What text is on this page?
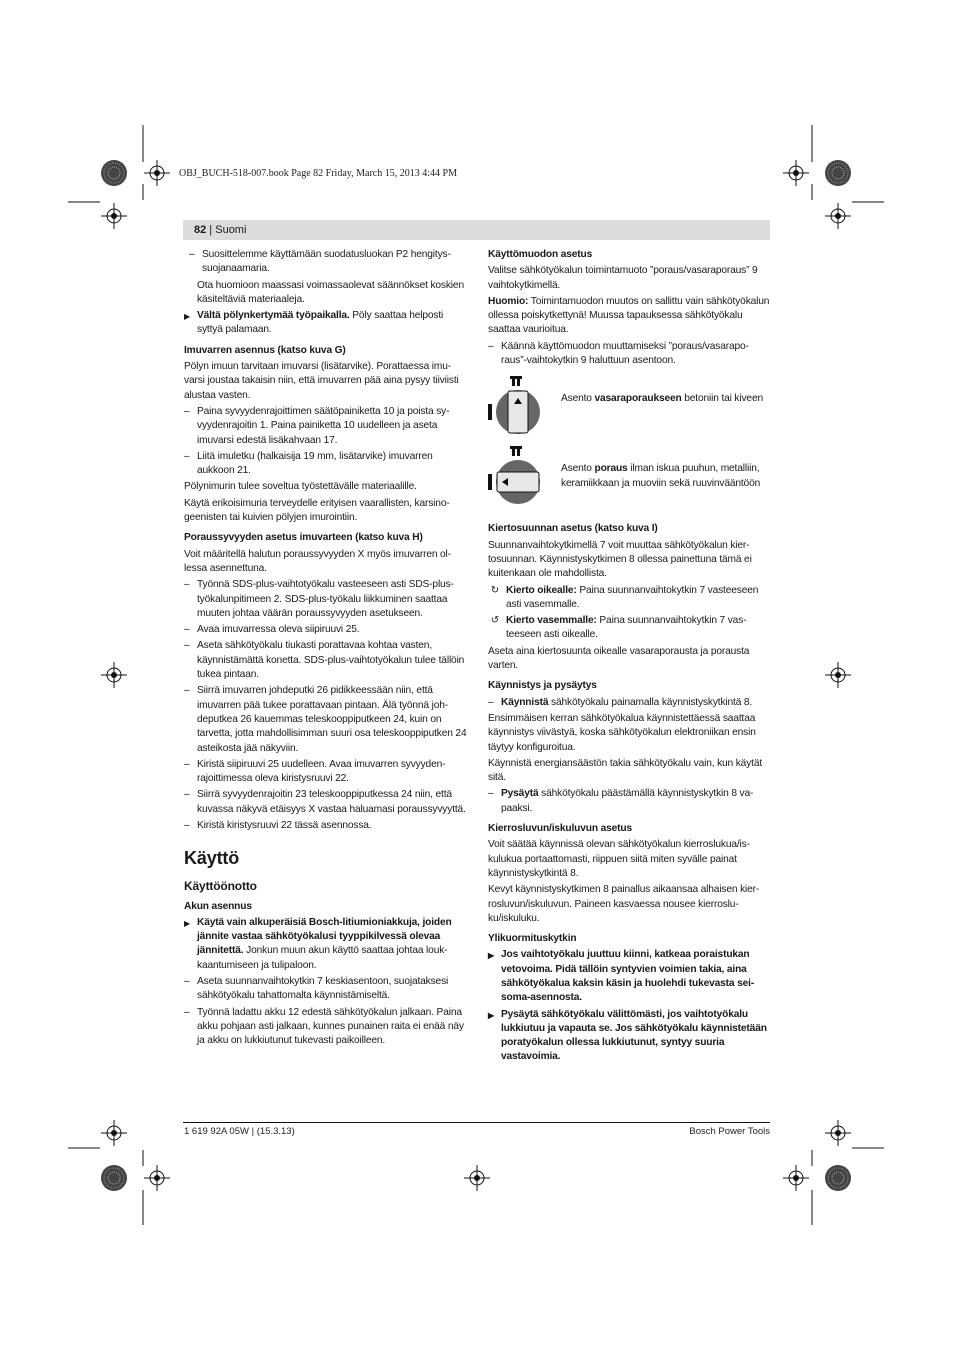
OBJ_BUCH-518-007.book Page 82 Friday, March 15, 2013 4:44 PM
82 | Suomi

– Suosittelemme käyttämään suodatusluokan P2 hengityssuojanaamaria.

Ota huomioon maassasi voimassaolevat säännökset koskien käsiteltäviä materiaaleja.

▶ Vältä pölynkertymää työpaikalla. Pöly saattaa helposti syttyä palamaan.

Imuvarren asennus (katso kuva G)

Pölyn imuun tarvitaan imuvarsi (lisätarvike). Porattaessa imuvarsi joustaa takaisin niin, että imuvarren pää aina pysyy tiiviisti alustaa vasten.

– Paina syvyydenrajoittimen säätöpainiketta 10 ja poista syvyydenrajoitin 1. Paina painiketta 10 uudelleen ja aseta imuvarsi edestä lisäkahvaan 17.

– Liitä imuletku (halkaisija 19 mm, lisätarvike) imuvarren aukkoon 21.

Pölynimurin tulee soveltua työstettävälle materiaalille.

Käytä erikoisimuria terveydelle erityisen vaarallisten, karsinogeenisten tai kuivien pölyjen imurointiin.

Poraussyvyyden asetus imuvarteen (katso kuva H)

Voit määritellä halutun poraussyvyyden X myös imuvarren ollessa asennettuna.

– Työnnä SDS-plus-vaihtotyökalu vasteeseen asti SDS-plus-työkalunpitimeen 2. SDS-plus-työkalu liikkuminen saattaa muuten johtaa väärän poraussyvyyden asetukseen.

– Avaa imuvarressa oleva siipiruuvi 25.

– Aseta sähkötyökalu tiukasti porattavaa kohtaa vasten, käynnistämättä konetta. SDS-plus-vaihtotyökalun tulee tällöin tukea pintaan.

– Siirrä imuvarren johdeputki 26 pidikkeessään niin, että imuvarren pää tukee porattavaan pintaan. Älä työnnä johdeputkea 26 kauemmas teleskooppiputkeen 24, kuin on tarvetta, jotta mahdollisimman suuri osa teleskooppiputken 24 asteikosta jää näkyviin.

– Kiristä siipiruuvi 25 uudelleen. Avaa imuvarren syvyydenrajoittimessa oleva kiristysruuvi 22.

– Siirrä syvyydenrajoitin 23 teleskooppiputkessa 24 niin, että kuvassa näkyvä etäisyys X vastaa haluamasi poraussyvyyttä.

– Kiristä kiristysruuvi 22 tässä asennossa.

Käyttö
Käyttöönotto

Akun asennus

▶ Käytä vain alkuperäisiä Bosch-litiumioniakkuja, joiden jännite vastaa sähkötyökalusi tyyppikilvessä olevaa jännitettä. Jonkun muun akun käyttö saattaa johtaa loukkaantumiseen ja tulipaloon.

– Aseta suunnanvaihtokytkin 7 keskiasentoon, suojataksesi sähkötyökalu tahattomalta käynnistämiseltä.

– Työnnä ladattu akku 12 edestä sähkötyökalun jalkaan. Paina akku pohjaan asti jalkaan, kunnes punainen raita ei enää näy ja akku on lukkiutunut tukevasti paikoilleen.

Käyttömuodon asetus

Valitse sähkötyökalun toimintamuoto ”poraus/vasaraporaus” 9 vaihtokytkimellä.

Huomio: Toimintamuodon muutos on sallittu vain sähkötyökalun ollessa poiskytkettynä! Muussa tapauksessa sähkötyökalu saattaa vaurioitua.

– Käännä käyttömuodon muuttamiseksi ”poraus/vasaraporaus”-vaihtokytkin 9 haluttuun asentoon.

Asento vasaraporaukseen betoniin tai kiveen
Asento poraus ilman iskua puuhun, metalliin, keramiikkaan ja muoviin sekä ruuvinvääntöön

Kiertosuunnan asetus (katso kuva I)

Suunnanvaihtokytkimellä 7 voit muuttaa sähkötyökalun kiertosuunnan. Käynnistyskytkimen 8 ollessa painettuna tämä ei kuitenkaan ole mahdollista.

↻ Kierto oikealle: Paina suunnanvaihtokytkin 7 vasteeseen asti vasemmalle.

↺ Kierto vasemmalle: Paina suunnanvaihtokytkin 7 vasteeseen asti oikealle.

Aseta aina kiertosuunta oikealle vasaraporausta ja porausta varten.

Käynnistys ja pysäytys

– Käynnistä sähkötyökalu painamalla käynnistyskytkintä 8.

Ensimmäisen kerran sähkötyökalua käynnistettäessä saattaa käynnistys viivästyä, koska sähkötyökalun elektroniikan ensin täytyy konfiguroitua.

Käynnistä energiansäästön takia sähkötyökalu vain, kun käytät sitä.

– Pysäytä sähkötyökalu päästämällä käynnistyskytkin 8 vapaaksi.

Kierrosluvun/iskuluvun asetus

Voit säätää käynnissä olevan sähkötyökalun kierroslukua/iskulukua portaattomasti, riippuen siitä miten syvälle painat käynnistyskytkintä 8.

Kevyt käynnistyskytkimen 8 painallus aikaansaa alhaisen kierrosluvun/iskuluvun. Paineen kasvaessa nousee kierrosluku/iskuluku.

Ylikuormituskytkin

▶ Jos vaihtotyökalu juuttuu kiinni, katkeaa poraistukan vetovoima. Pidä tällöin syntyvien voimien takia, aina sähkötyökalua kaksin käsin ja huolehdi tukevasta seisoma-asennosta.

▶ Pysäytä sähkötyökalu välittömästi, jos vaihtotyökalu lukkiutuu ja vapauta se. Jos sähkötyökalu käynnistetään poratyökalun ollessa lukkiutunut, syntyy suuria vastavoimia.

1 619 92A 05W | (15.3.13)	Bosch Power Tools
